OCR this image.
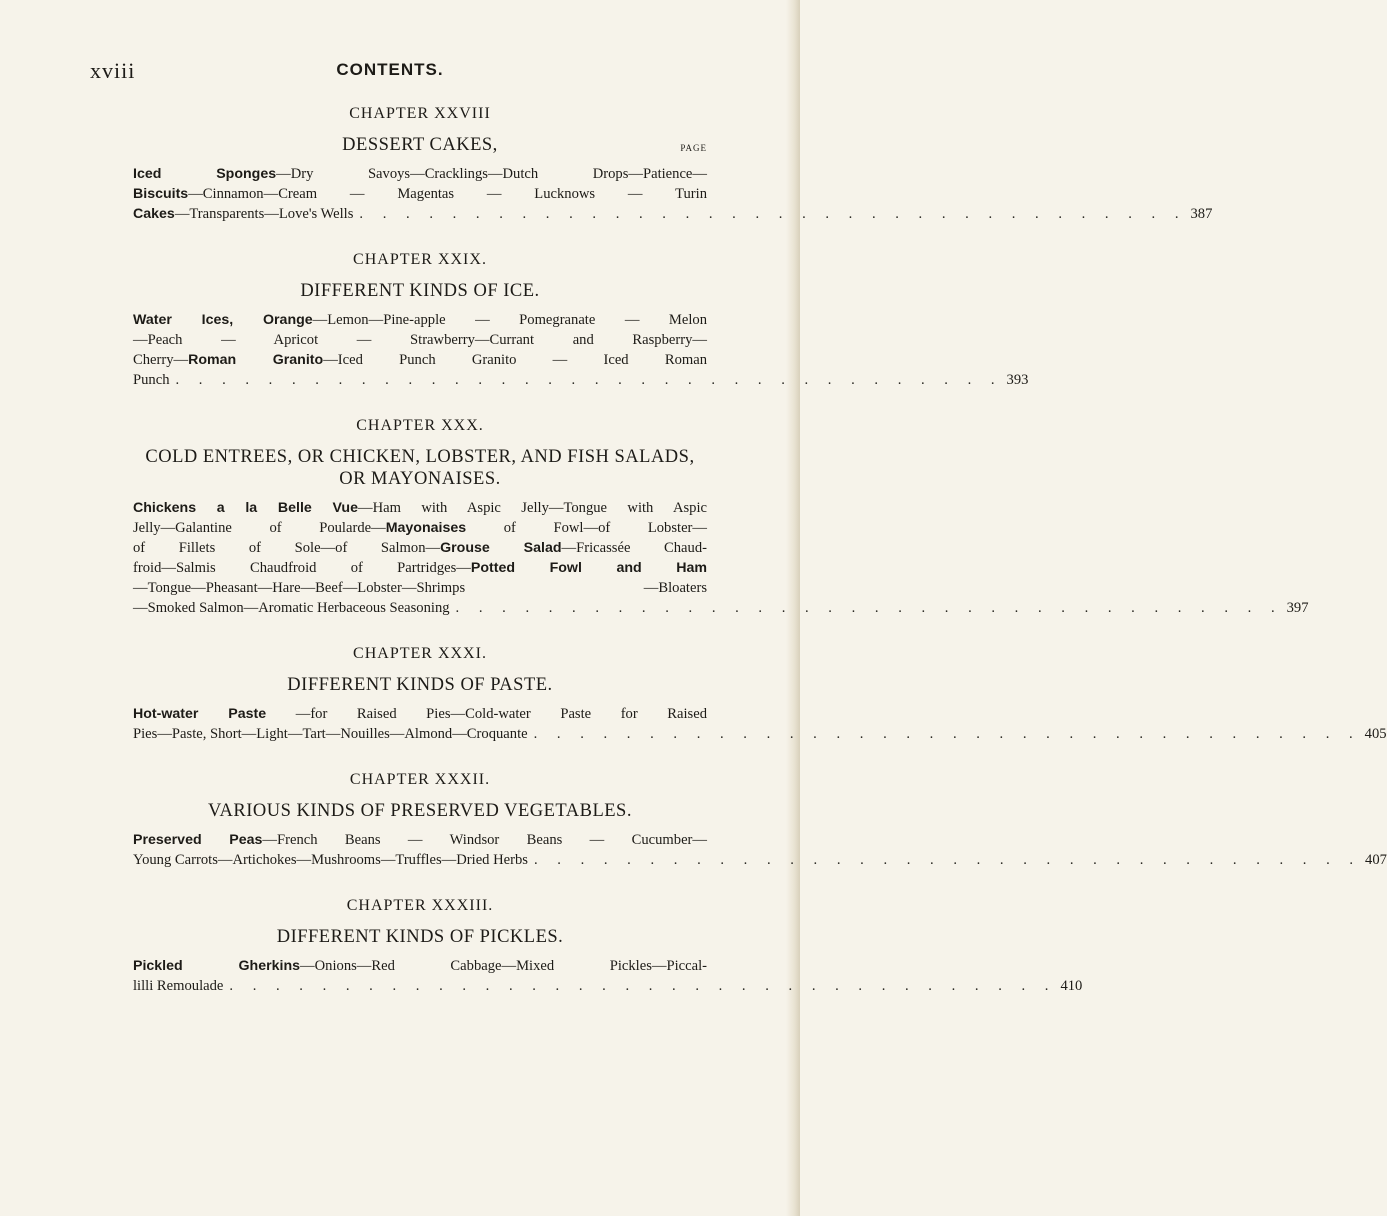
xviii	CONTENTS.
CHAPTER XXVIII
DESSERT CAKES,	PAGE
Iced Sponges—Dry Savoys—Cracklings—Dutch Drops—Patience—
Biscuits—Cinnamon—Cream — Magentas — Lucknows — Turin
Cakes—Transparents—Love's Wells . . . . . . . . . . . . . . . . . . . . . . . . . . . . . . . . . . . . 387
CHAPTER XXIX.
DIFFERENT KINDS OF ICE.
Water Ices, Orange—Lemon—Pine-apple — Pomegranate — Melon
—Peach — Apricot — Strawberry—Currant and Raspberry—
Cherry—Roman Granito—Iced Punch Granito — Iced Roman
Punch . . . . . . . . . . . . . . . . . . . . . . . . . . . . . . . . . . . . 393
CHAPTER XXX.
COLD ENTREES, OR CHICKEN, LOBSTER, AND FISH SALADS, OR MAYONAISES.
Chickens a la Belle Vue—Ham with Aspic Jelly—Tongue with Aspic
Jelly—Galantine of Poularde—Mayonaises of Fowl—of Lobster—
of Fillets of Sole—of Salmon—Grouse Salad—Fricassée Chaud-
froid—Salmis Chaudfroid of Partridges—Potted Fowl and Ham
—Tongue—Pheasant—Hare—Beef—Lobster—Shrimps —Bloaters
—Smoked Salmon—Aromatic Herbaceous Seasoning . . . . . . . . . . . . . . . . . . . . . . . . . . . . . . . . . . . . 397
CHAPTER XXXI.
DIFFERENT KINDS OF PASTE.
Hot-water Paste —for Raised Pies—Cold-water Paste for Raised
Pies—Paste, Short—Light—Tart—Nouilles—Almond—Croquante . . . . . . . . . . . . . . . . . . . . . . . . . . . . . . . . . . . . 405
CHAPTER XXXII.
VARIOUS KINDS OF PRESERVED VEGETABLES.
Preserved Peas—French Beans — Windsor Beans — Cucumber—
Young Carrots—Artichokes—Mushrooms—Truffles—Dried Herbs . . . . . . . . . . . . . . . . . . . . . . . . . . . . . . . . . . . . 407
CHAPTER XXXIII.
DIFFERENT KINDS OF PICKLES.
Pickled Gherkins—Onions—Red Cabbage—Mixed Pickles—Piccal-
lilli Remoulade . . . . . . . . . . . . . . . . . . . . . . . . . . . . . . . . . . . . 410
